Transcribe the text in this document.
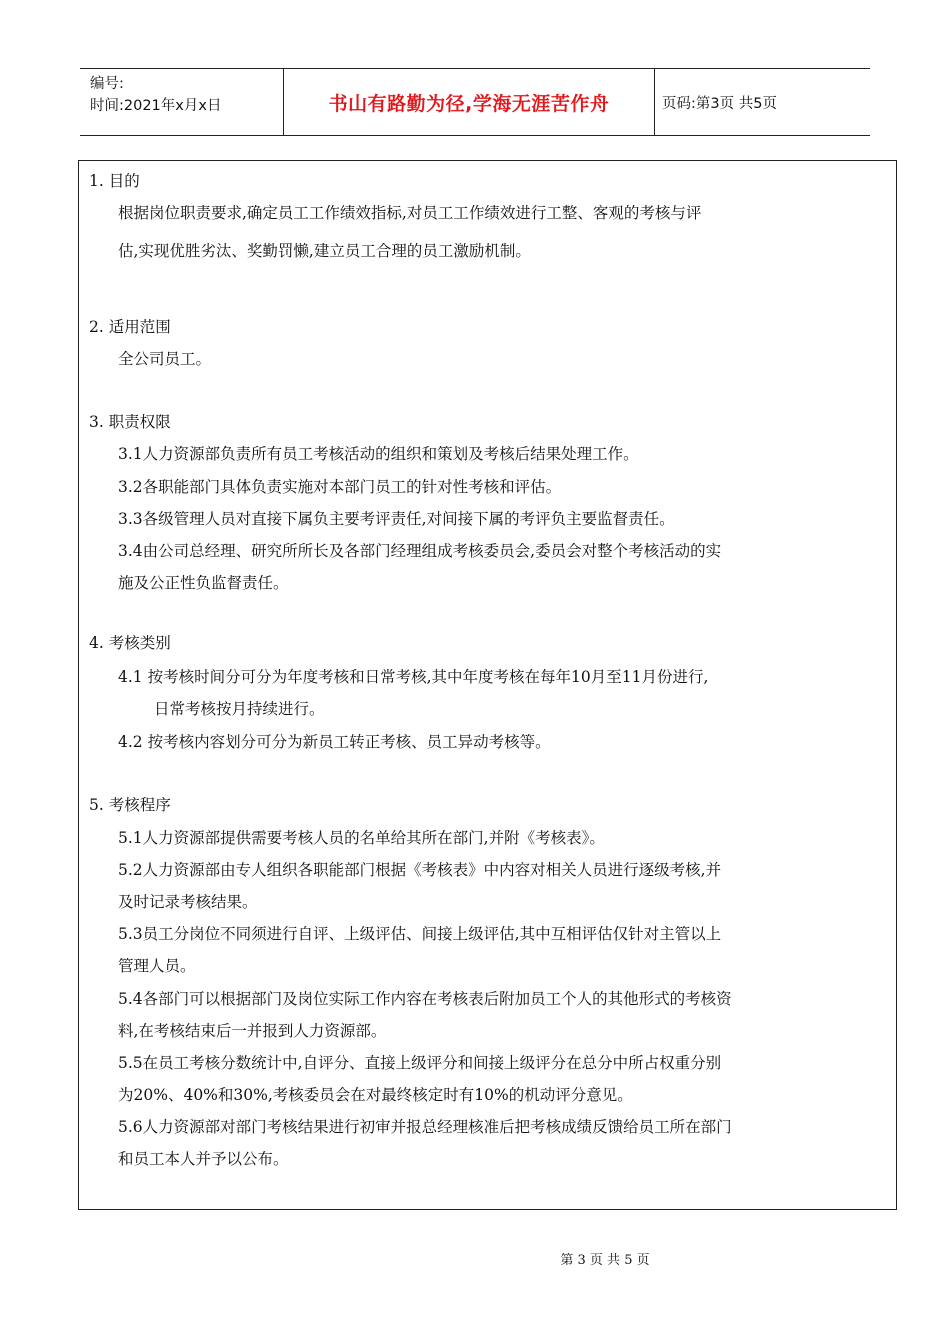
编号:
时间:2021年x月x日	书山有路勤为径,学海无涯苦作舟	页码:第3页 共5页
1. 目的
根据岗位职责要求,确定员工工作绩效指标,对员工工作绩效进行工整、客观的考核与评
估,实现优胜劣汰、奖勤罚懒,建立员工合理的员工激励机制。
2. 适用范围
全公司员工。
3. 职责权限
3.1人力资源部负责所有员工考核活动的组织和策划及考核后结果处理工作。
3.2各职能部门具体负责实施对本部门员工的针对性考核和评估。
3.3各级管理人员对直接下属负主要考评责任,对间接下属的考评负主要监督责任。
3.4由公司总经理、研究所所长及各部门经理组成考核委员会,委员会对整个考核活动的实
施及公正性负监督责任。
4. 考核类别
4.1 按考核时间分可分为年度考核和日常考核,其中年度考核在每年10月至11月份进行,
日常考核按月持续进行。
4.2 按考核内容划分可分为新员工转正考核、员工异动考核等。
5. 考核程序
5.1人力资源部提供需要考核人员的名单给其所在部门,并附《考核表》。
5.2人力资源部由专人组织各职能部门根据《考核表》中内容对相关人员进行逐级考核,并
及时记录考核结果。
5.3员工分岗位不同须进行自评、上级评估、间接上级评估,其中互相评估仅针对主管以上
管理人员。
5.4各部门可以根据部门及岗位实际工作内容在考核表后附加员工个人的其他形式的考核资
料,在考核结束后一并报到人力资源部。
5.5在员工考核分数统计中,自评分、直接上级评分和间接上级评分在总分中所占权重分别
为20%、40%和30%,考核委员会在对最终核定时有10%的机动评分意见。
5.6人力资源部对部门考核结果进行初审并报总经理核准后把考核成绩反馈给员工所在部门
和员工本人并予以公布。
第 3 页 共 5 页
